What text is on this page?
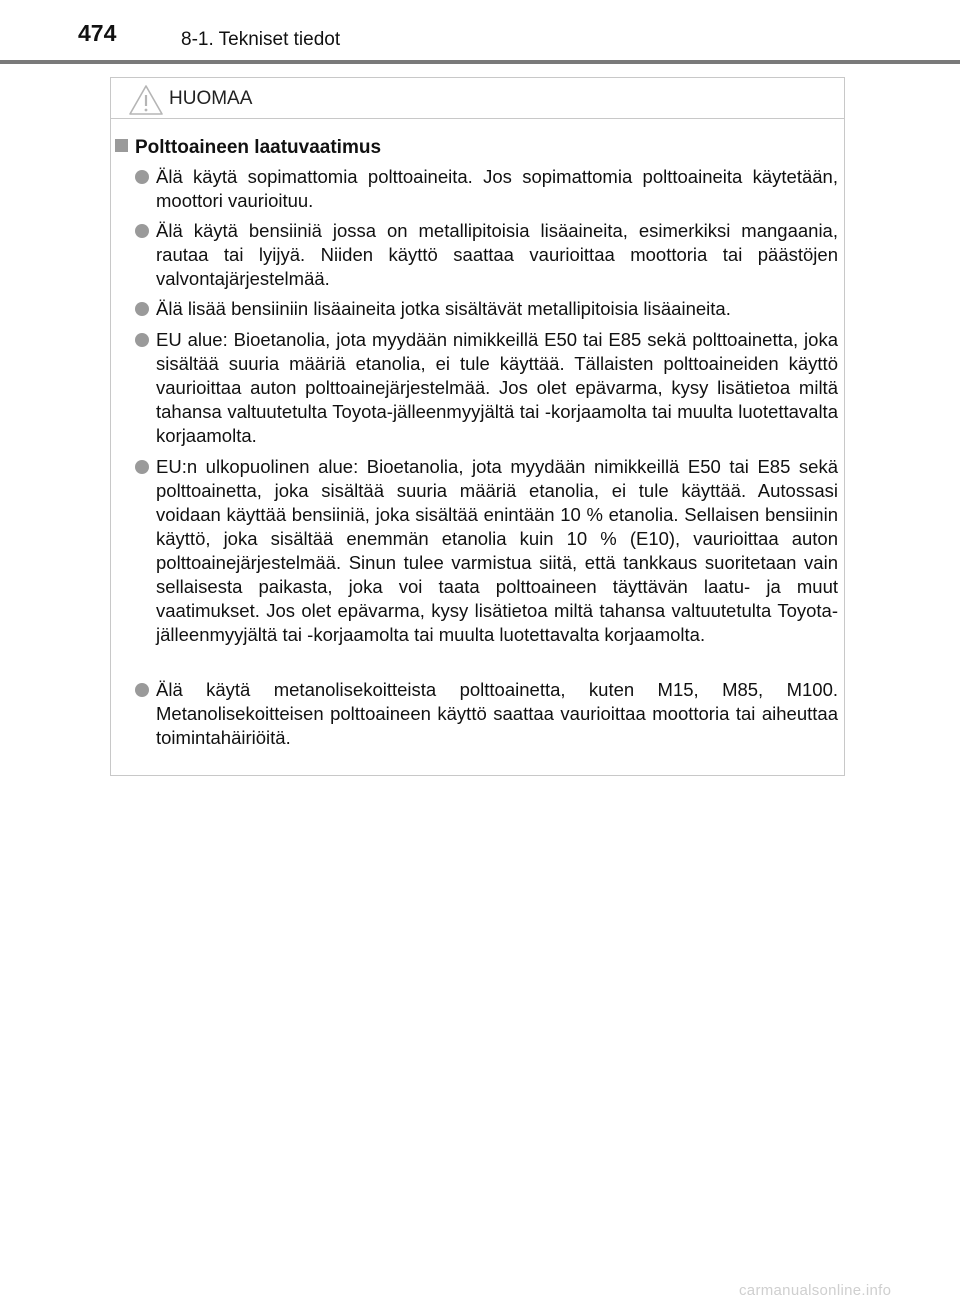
474	8-1. Tekniset tiedot
HUOMAA
Polttoaineen laatuvaatimus
Älä käytä sopimattomia polttoaineita. Jos sopimattomia polttoaineita käytetään, moottori vaurioituu.
Älä käytä bensiiniä jossa on metallipitoisia lisäaineita, esimerkiksi mangaania, rautaa tai lyijyä. Niiden käyttö saattaa vaurioittaa moottoria tai päästöjen valvontajärjestelmää.
Älä lisää bensiiniin lisäaineita jotka sisältävät metallipitoisia lisäaineita.
EU alue: Bioetanolia, jota myydään nimikkeillä E50 tai E85 sekä polttoainetta, joka sisältää suuria määriä etanolia, ei tule käyttää. Tällaisten polttoaineiden käyttö vaurioittaa auton polttoainejärjestelmää. Jos olet epävarma, kysy lisätietoa miltä tahansa valtuutetulta Toyota-jälleenmyyjältä tai -korjaamolta tai muulta luotettavalta korjaamolta.
EU:n ulkopuolinen alue: Bioetanolia, jota myydään nimikkeillä E50 tai E85 sekä polttoainetta, joka sisältää suuria määriä etanolia, ei tule käyttää. Autossasi voidaan käyttää bensiiniä, joka sisältää enintään 10 % etanolia. Sellaisen bensiinin käyttö, joka sisältää enemmän etanolia kuin 10 % (E10), vaurioittaa auton polttoainejärjestelmää. Sinun tulee varmistua siitä, että tankkaus suoritetaan vain sellaisesta paikasta, joka voi taata polttoaineen täyttävän laatu- ja muut vaatimukset. Jos olet epävarma, kysy lisätietoa miltä tahansa valtuutetulta Toyota-jälleenmyyjältä tai -korjaamolta tai muulta luotettavalta korjaamolta.
Älä käytä metanolisekoitteista polttoainetta, kuten M15, M85, M100. Metanolisekoitteisen polttoaineen käyttö saattaa vaurioittaa moottoria tai aiheuttaa toimintahäiriöitä.
carmanualsonline.info
